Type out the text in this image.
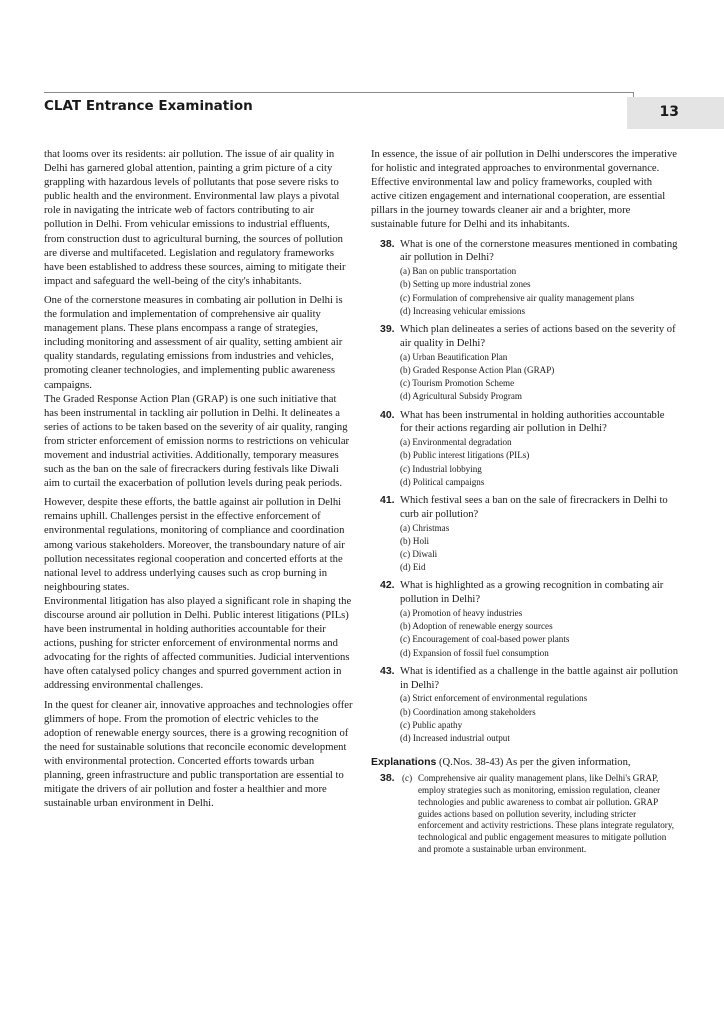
CLAT Entrance Examination	13

that looms over its residents: air pollution. The issue of air quality in Delhi has garnered global attention, painting a grim picture of a city grappling with hazardous levels of pollutants that pose severe risks to public health and the environment. Environmental law plays a pivotal role in navigating the intricate web of factors contributing to air pollution in Delhi. From vehicular emissions to industrial effluents, from construction dust to agricultural burning, the sources of pollution are diverse and multifaceted. Legislation and regulatory frameworks have been established to address these sources, aiming to mitigate their impact and safeguard the well-being of the city's inhabitants.

One of the cornerstone measures in combating air pollution in Delhi is the formulation and implementation of comprehensive air quality management plans. These plans encompass a range of strategies, including monitoring and assessment of air quality, setting ambient air quality standards, regulating emissions from industries and vehicles, promoting cleaner technologies, and implementing public awareness campaigns.
The Graded Response Action Plan (GRAP) is one such initiative that has been instrumental in tackling air pollution in Delhi. It delineates a series of actions to be taken based on the severity of air quality, ranging from stricter enforcement of emission norms to restrictions on vehicular movement and industrial activities. Additionally, temporary measures such as the ban on the sale of firecrackers during festivals like Diwali aim to curtail the exacerbation of pollution levels during peak periods.

However, despite these efforts, the battle against air pollution in Delhi remains uphill. Challenges persist in the effective enforcement of environmental regulations, monitoring of compliance and coordination among various stakeholders. Moreover, the transboundary nature of air pollution necessitates regional cooperation and concerted efforts at the national level to address underlying causes such as crop burning in neighbouring states.
Environmental litigation has also played a significant role in shaping the discourse around air pollution in Delhi. Public interest litigations (PILs) have been instrumental in holding authorities accountable for their actions, pushing for stricter enforcement of environmental norms and advocating for the rights of affected communities. Judicial interventions have often catalysed policy changes and spurred government action in addressing environmental challenges.

In the quest for cleaner air, innovative approaches and technologies offer glimmers of hope. From the promotion of electric vehicles to the adoption of renewable energy sources, there is a growing recognition of the need for sustainable solutions that reconcile economic development with environmental protection. Concerted efforts towards urban planning, green infrastructure and public transportation are essential to mitigate the drivers of air pollution and foster a healthier and more sustainable urban environment in Delhi.

In essence, the issue of air pollution in Delhi underscores the imperative for holistic and integrated approaches to environmental governance. Effective environmental law and policy frameworks, coupled with active citizen engagement and international cooperation, are essential pillars in the journey towards cleaner air and a brighter, more sustainable future for Delhi and its inhabitants.

38. What is one of the cornerstone measures mentioned in combating air pollution in Delhi?
(a) Ban on public transportation
(b) Setting up more industrial zones
(c) Formulation of comprehensive air quality management plans
(d) Increasing vehicular emissions
39. Which plan delineates a series of actions based on the severity of air quality in Delhi?
(a) Urban Beautification Plan
(b) Graded Response Action Plan (GRAP)
(c) Tourism Promotion Scheme
(d) Agricultural Subsidy Program
40. What has been instrumental in holding authorities accountable for their actions regarding air pollution in Delhi?
(a) Environmental degradation
(b) Public interest litigations (PILs)
(c) Industrial lobbying
(d) Political campaigns
41. Which festival sees a ban on the sale of firecrackers in Delhi to curb air pollution?
(a) Christmas
(b) Holi
(c) Diwali
(d) Eid
42. What is highlighted as a growing recognition in combating air pollution in Delhi?
(a) Promotion of heavy industries
(b) Adoption of renewable energy sources
(c) Encouragement of coal-based power plants
(d) Expansion of fossil fuel consumption
43. What is identified as a challenge in the battle against air pollution in Delhi?
(a) Strict enforcement of environmental regulations
(b) Coordination among stakeholders
(c) Public apathy
(d) Increased industrial output
Explanations (Q.Nos. 38-43) As per the given information,
38. (c) Comprehensive air quality management plans, like Delhi's GRAP, employ strategies such as monitoring, emission regulation, cleaner technologies and public awareness to combat air pollution. GRAP guides actions based on pollution severity, including stricter enforcement and activity restrictions. These plans integrate regulatory, technological and public engagement measures to mitigate pollution and promote a sustainable urban environment.
